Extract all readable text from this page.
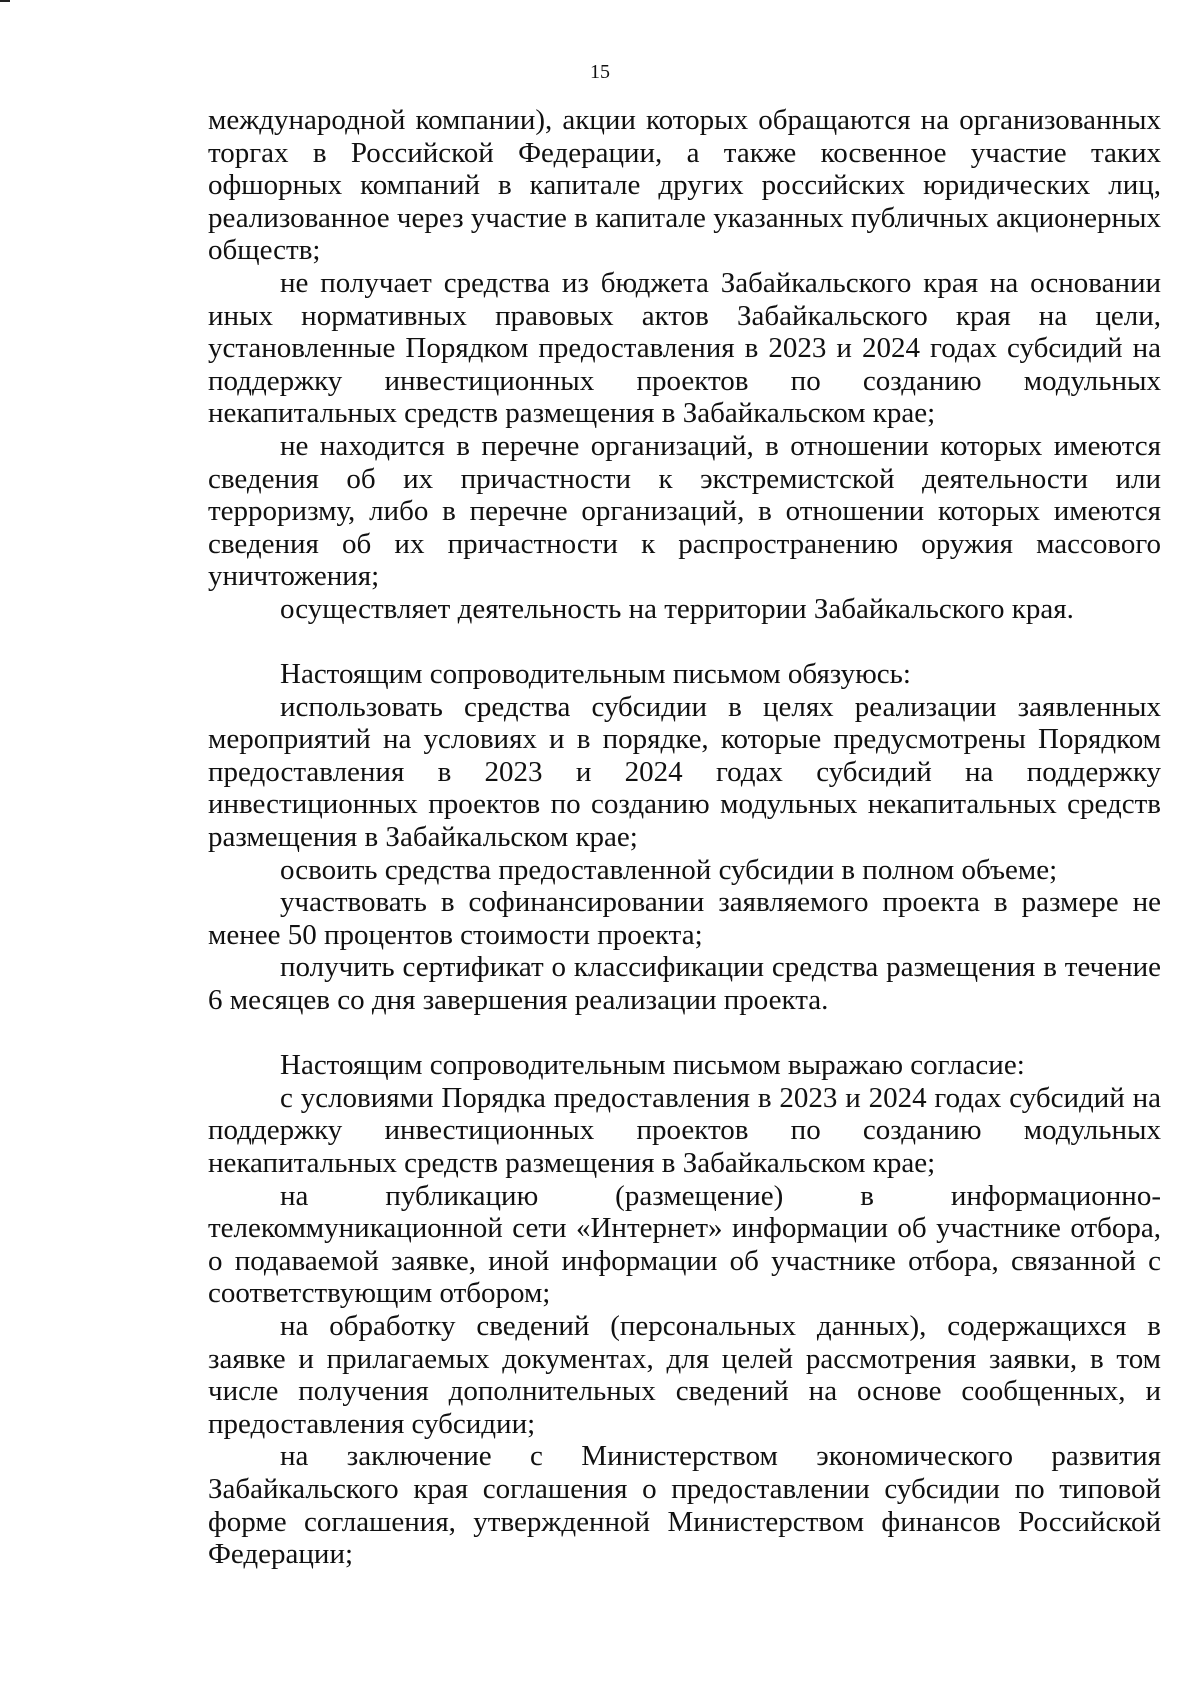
15

международной компании), акции которых обращаются на организованных торгах в Российской Федерации, а также косвенное участие таких офшорных компаний в капитале других российских юридических лиц, реализованное через участие в капитале указанных публичных акционерных обществ;

не получает средства из бюджета Забайкальского края на основании иных нормативных правовых актов Забайкальского края на цели, установленные Порядком предоставления в 2023 и 2024 годах субсидий на поддержку инвестиционных проектов по созданию модульных некапитальных средств размещения в Забайкальском крае;

не находится в перечне организаций, в отношении которых имеются сведения об их причастности к экстремистской деятельности или терроризму, либо в перечне организаций, в отношении которых имеются сведения об их причастности к распространению оружия массового уничтожения;

осуществляет деятельность на территории Забайкальского края.

Настоящим сопроводительным письмом обязуюсь:

использовать средства субсидии в целях реализации заявленных мероприятий на условиях и в порядке, которые предусмотрены Порядком предоставления в 2023 и 2024 годах субсидий на поддержку инвестиционных проектов по созданию модульных некапитальных средств размещения в Забайкальском крае;

освоить средства предоставленной субсидии в полном объеме;

участвовать в софинансировании заявляемого проекта в размере не менее 50 процентов стоимости проекта;

получить сертификат о классификации средства размещения в течение 6 месяцев со дня завершения реализации проекта.

Настоящим сопроводительным письмом выражаю согласие:

с условиями Порядка предоставления в 2023 и 2024 годах субсидий на поддержку инвестиционных проектов по созданию модульных некапитальных средств размещения в Забайкальском крае;

на публикацию (размещение) в информационно-телекоммуникационной сети «Интернет» информации об участнике отбора, о подаваемой заявке, иной информации об участнике отбора, связанной с соответствующим отбором;

на обработку сведений (персональных данных), содержащихся в заявке и прилагаемых документах, для целей рассмотрения заявки, в том числе получения дополнительных сведений на основе сообщенных, и предоставления субсидии;

на заключение с Министерством экономического развития Забайкальского края соглашения о предоставлении субсидии по типовой форме соглашения, утвержденной Министерством финансов Российской Федерации;
